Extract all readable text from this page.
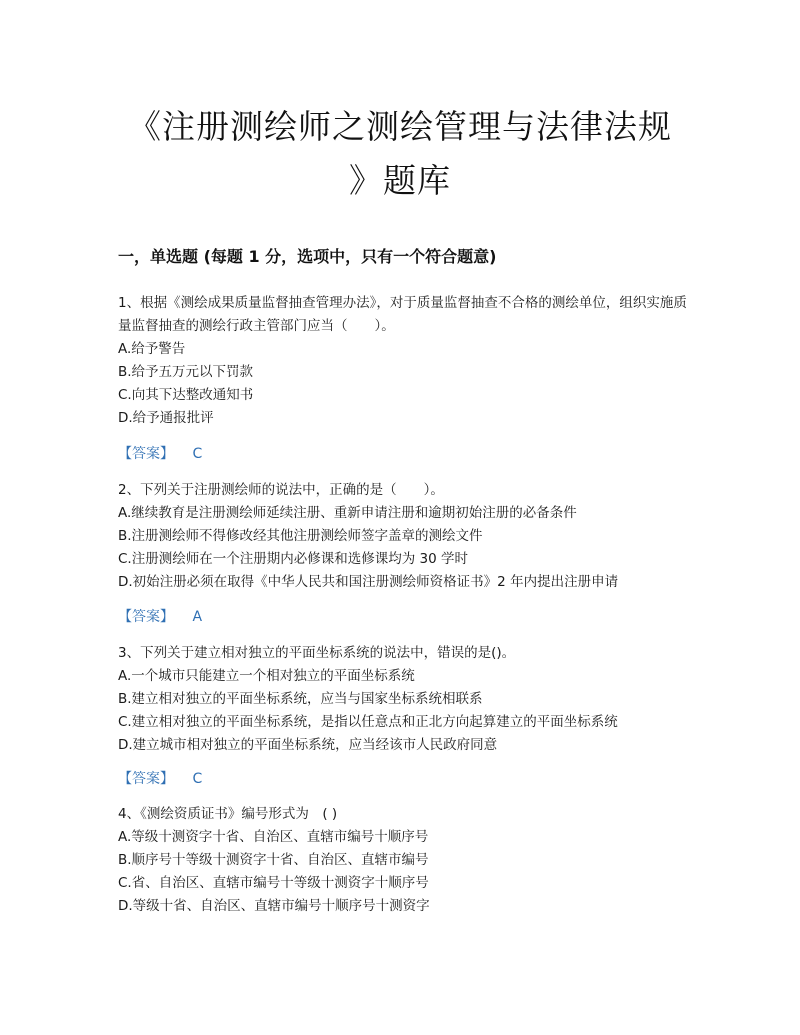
《注册测绘师之测绘管理与法律法规
》题库
一，单选题 (每题 1 分，选项中，只有一个符合题意)

1、根据《测绘成果质量监督抽查管理办法》，对于质量监督抽查不合格的测绘单位，组织实施质量监督抽查的测绘行政主管部门应当（　　）。

A.给予警告

B.给予五万元以下罚款

C.向其下达整改通知书

D.给予通报批评

【答案】 C

2、下列关于注册测绘师的说法中，正确的是（　　）。

A.继续教育是注册测绘师延续注册、重新申请注册和逾期初始注册的必备条件

B.注册测绘师不得修改经其他注册测绘师签字盖章的测绘文件

C.注册测绘师在一个注册期内必修课和选修课均为 30 学时

D.初始注册必须在取得《中华人民共和国注册测绘师资格证书》2 年内提出注册申请

【答案】 A

3、下列关于建立相对独立的平面坐标系统的说法中，错误的是()。

A.一个城市只能建立一个相对独立的平面坐标系统

B.建立相对独立的平面坐标系统，应当与国家坐标系统相联系

C.建立相对独立的平面坐标系统，是指以任意点和正北方向起算建立的平面坐标系统

D.建立城市相对独立的平面坐标系统，应当经该市人民政府同意

【答案】 C

4、《测绘资质证书》编号形式为　( )

A.等级十测资字十省、自治区、直辖市编号十顺序号

B.顺序号十等级十测资字十省、自治区、直辖市编号

C.省、自治区、直辖市编号十等级十测资字十顺序号

D.等级十省、自治区、直辖市编号十顺序号十测资字
